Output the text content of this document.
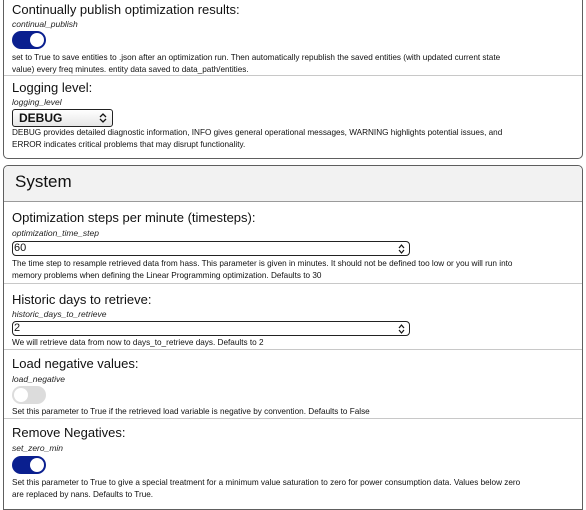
Continually publish optimization results:
continual_publish
set to True to save entities to .json after an optimization run. Then automatically republish the saved entities (with updated current state value) every freq minutes. entity data saved to data_path/entities.
Logging level:
logging_level
DEBUG
DEBUG provides detailed diagnostic information, INFO gives general operational messages, WARNING highlights potential issues, and ERROR indicates critical problems that may disrupt functionality.
System
Optimization steps per minute (timesteps):
optimization_time_step
60
The time step to resample retrieved data from hass. This parameter is given in minutes. It should not be defined too low or you will run into memory problems when defining the Linear Programming optimization. Defaults to 30
Historic days to retrieve:
historic_days_to_retrieve
2
We will retrieve data from now to days_to_retrieve days. Defaults to 2
Load negative values:
load_negative
Set this parameter to True if the retrieved load variable is negative by convention. Defaults to False
Remove Negatives:
set_zero_min
Set this parameter to True to give a special treatment for a minimum value saturation to zero for power consumption data. Values below zero are replaced by nans. Defaults to True.
